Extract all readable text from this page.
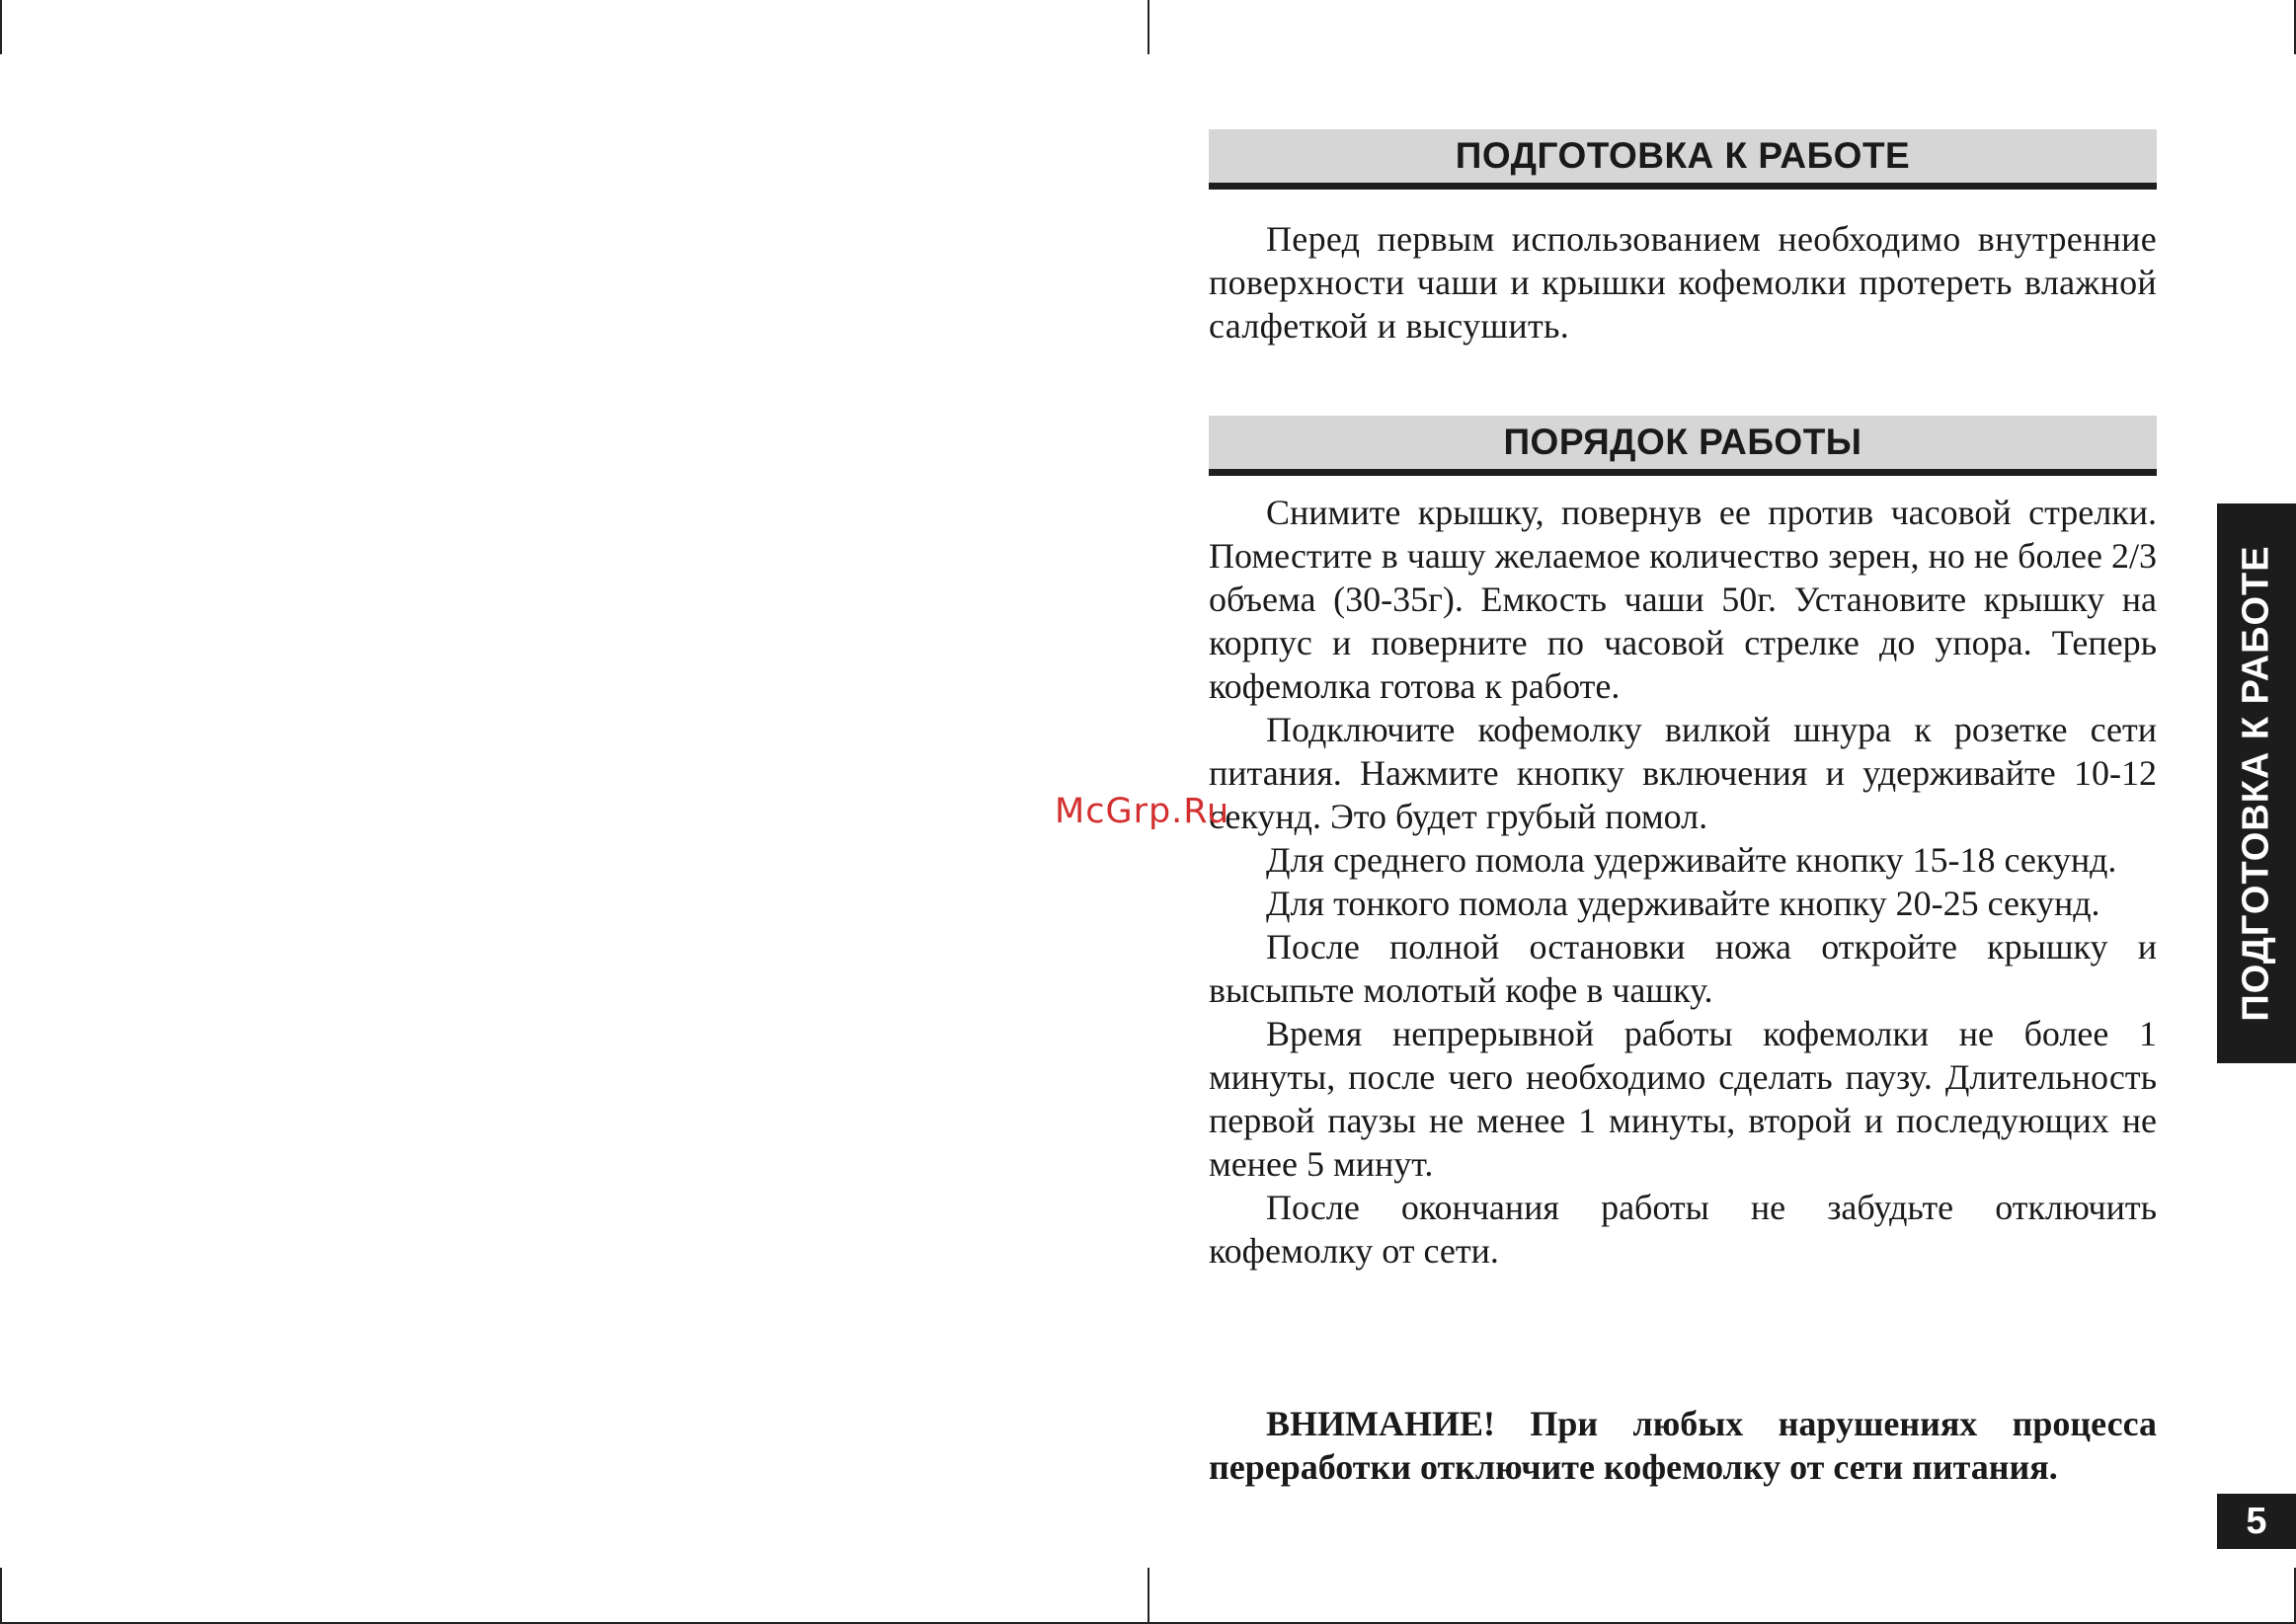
ПОДГОТОВКА К РАБОТЕ

Перед первым использованием необходимо внутренние поверхности чаши и крышки кофемолки протереть влажной салфеткой и высушить.

ПОРЯДОК РАБОТЫ

Снимите крышку, повернув ее против часовой стрелки. Поместите в чашу желаемое количество зерен, но не более 2/3 объема (30-35г). Емкость чаши 50г. Установите крышку на корпус и поверните по часовой стрелке до упора. Теперь кофемолка готова к работе.

Подключите кофемолку вилкой шнура к розетке сети питания. Нажмите кнопку включения и удерживайте 10-12 секунд. Это будет грубый помол.

Для среднего помола удерживайте кнопку 15-18 секунд.

Для тонкого помола удерживайте кнопку 20-25 секунд.

После полной остановки ножа откройте крышку и высыпьте молотый кофе в чашку.

Время непрерывной работы кофемолки не более 1 минуты, после чего необходимо сделать паузу. Длительность первой паузы не менее 1 минуты, второй и последующих не менее 5 минут.

После окончания работы не забудьте отключить кофемолку от сети.

ВНИМАНИЕ! При любых нарушениях процесса переработки отключите кофемолку от сети питания.

ПОДГОТОВКА К РАБОТЕ
5
McGrp.Ru
